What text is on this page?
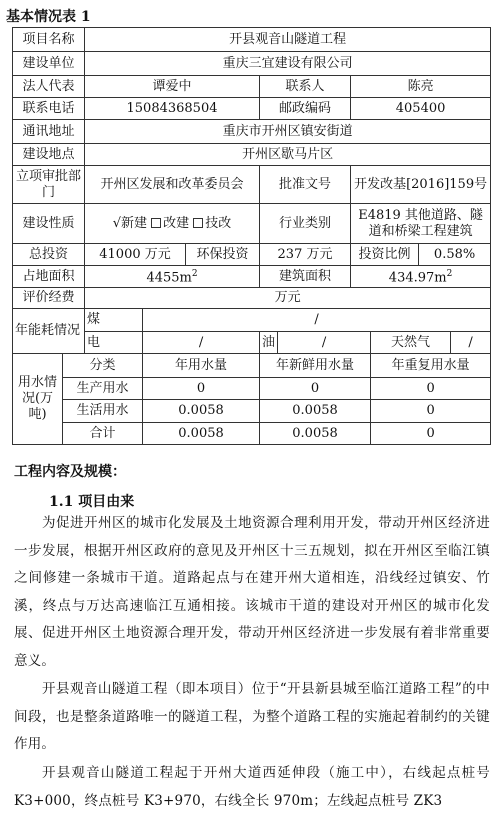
基本情况表 1
项目名称		开县观音山隧道工程								
建设单位		重庆三宜建设有限公司								
法人代表		谭爱中			联系人		陈亮			
联系电话		15084368504			邮政编码		405400			
通讯地址		重庆市开州区镇安街道								
建设地点		开州区歇马片区								
立项审批部门		开州区发展和改革委员会			批准文号		开发改基[2016]159号			
建设性质		√新建 改建 技改			行业类别		E4819 其他道路、隧道和桥梁工程建筑			
总投资		41000 万元		环保投资	237 万元		投资比例		0.58%	
占地面积		$4455m^2$			建筑面积		$434.97m^2$
评价经费		万元								
年能耗情况		煤	/							
		电	/		油	/		天然气		/
用水情况(万吨)	分类		年用水量		年新鲜用水量			年重复用水量		
	生产用水		0		0			0		
	生活用水		0.0058		0.0058			0		
	合计		0.0058		0.0058			0		
工程内容及规模：
1.1 项目由来
为促进开州区的城市化发展及土地资源合理利用开发，带动开州区经济进一步发展，根据开州区政府的意见及开州区十三五规划，拟在开州区至临江镇之间修建一条城市干道。道路起点与在建开州大道相连，沿线经过镇安、竹溪，终点与万达高速临江互通相接。该城市干道的建设对开州区的城市化发展、促进开州区土地资源合理开发，带动开州区经济进一步发展有着非常重要意义。
开县观音山隧道工程（即本项目）位于“开县新县城至临江道路工程”的中间段，也是整条道路唯一的隧道工程，为整个道路工程的实施起着制约的关键作用。
开县观音山隧道工程起于开州大道西延伸段（施工中），右线起点桩号 K3+000，终点桩号 K3+970，右线全长 970m；左线起点桩号 ZK3
